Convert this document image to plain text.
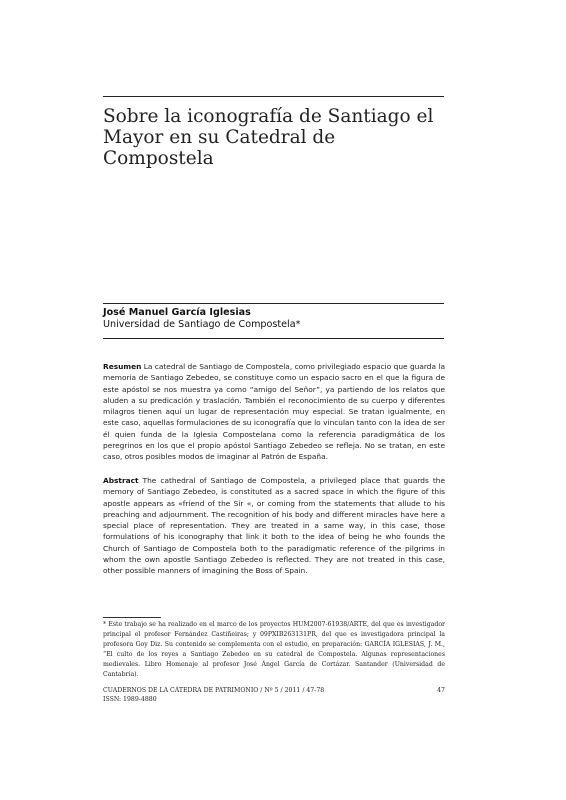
Sobre la iconografía de Santiago el Mayor en su Catedral de Compostela
José Manuel García Iglesias
Universidad de Santiago de Compostela*
Resumen La catedral de Santiago de Compostela, como privilegiado espacio que guarda la memoria de Santiago Zebedeo, se constituye como un espacio sacro en el que la figura de este apóstol se nos muestra ya como “amigo del Señor”, ya partiendo de los relatos que aluden a su predicación y traslación. También el reconocimiento de su cuerpo y diferentes milagros tienen aquí un lugar de representación muy especial. Se tratan igualmente, en este caso, aquellas formulaciones de su iconografía que lo vinculan tanto con la idea de ser él quien funda de la Iglesia Compostelana como la referencia paradigmática de los peregrinos en los que el propio apóstol Santiago Zebedeo se refleja. No se tratan, en este caso, otros posibles modos de imaginar al Patrón de España.
Abstract The cathedral of Santiago de Compostela, a privileged place that guards the memory of Santiago Zebedeo, is constituted as a sacred space in which the figure of this apostle appears as «friend of the Sir «, or coming from the statements that allude to his preaching and adjournment. The recognition of his body and different miracles have here a special place of representation. They are treated in a same way, in this case, those formulations of his iconography that link it both to the idea of being he who founds the Church of Santiago de Compostela both to the paradigmatic reference of the pilgrims in whom the own apostle Santiago Zebedeo is reflected. They are not treated in this case, other possible manners of imagining the Boss of Spain.
* Este trabajo se ha realizado en el marco de los proyectos HUM2007-61938/ARTE, del que es investigador principal el profesor Fernández Castiñeiras; y 09PXIB263131PR, del que es investigadora principal la profesora Goy Diz. Su contenido se complementa con el estudio, en preparación: GARCÍA IGLESIAS, J. M., “El culto de los reyes a Santiago Zebedeo en su catedral de Compostela. Algunas representaciones medievales. Libro Homenaje al profesor José Ángel García de Cortázar. Santander (Universidad de Cantabria).
CUADERNOS DE LA CÁTEDRA DE PATRIMONIO / Nº 5 / 2011 / 47-78
ISSN: 1989-4880
47
